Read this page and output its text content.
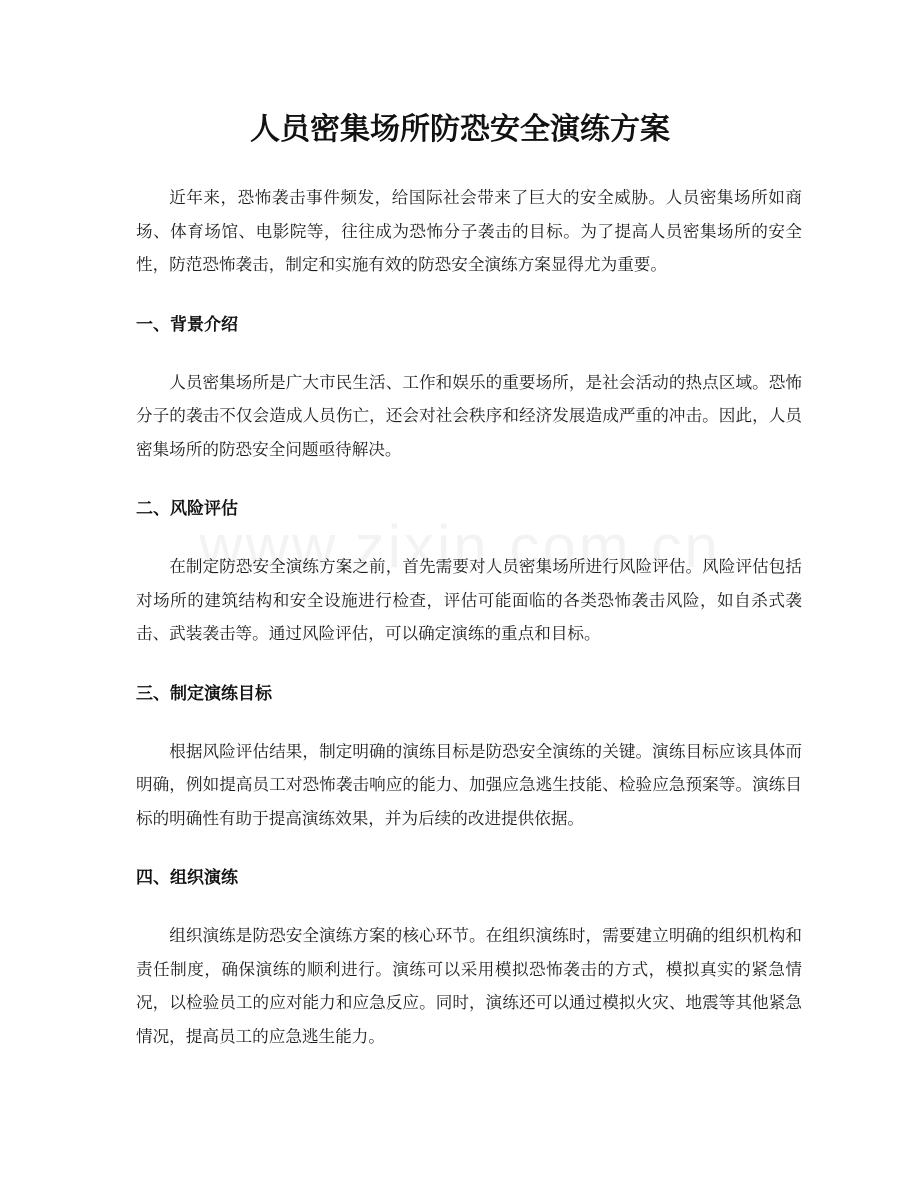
人员密集场所防恐安全演练方案

近年来，恐怖袭击事件频发，给国际社会带来了巨大的安全威胁。人员密集场所如商场、体育场馆、电影院等，往往成为恐怖分子袭击的目标。为了提高人员密集场所的安全性，防范恐怖袭击，制定和实施有效的防恐安全演练方案显得尤为重要。

一、背景介绍

人员密集场所是广大市民生活、工作和娱乐的重要场所，是社会活动的热点区域。恐怖分子的袭击不仅会造成人员伤亡，还会对社会秩序和经济发展造成严重的冲击。因此，人员密集场所的防恐安全问题亟待解决。

二、风险评估

在制定防恐安全演练方案之前，首先需要对人员密集场所进行风险评估。风险评估包括对场所的建筑结构和安全设施进行检查，评估可能面临的各类恐怖袭击风险，如自杀式袭击、武装袭击等。通过风险评估，可以确定演练的重点和目标。

三、制定演练目标

根据风险评估结果，制定明确的演练目标是防恐安全演练的关键。演练目标应该具体而明确，例如提高员工对恐怖袭击响应的能力、加强应急逃生技能、检验应急预案等。演练目标的明确性有助于提高演练效果，并为后续的改进提供依据。

四、组织演练

组织演练是防恐安全演练方案的核心环节。在组织演练时，需要建立明确的组织机构和责任制度，确保演练的顺利进行。演练可以采用模拟恐怖袭击的方式，模拟真实的紧急情况，以检验员工的应对能力和应急反应。同时，演练还可以通过模拟火灾、地震等其他紧急情况，提高员工的应急逃生能力。
